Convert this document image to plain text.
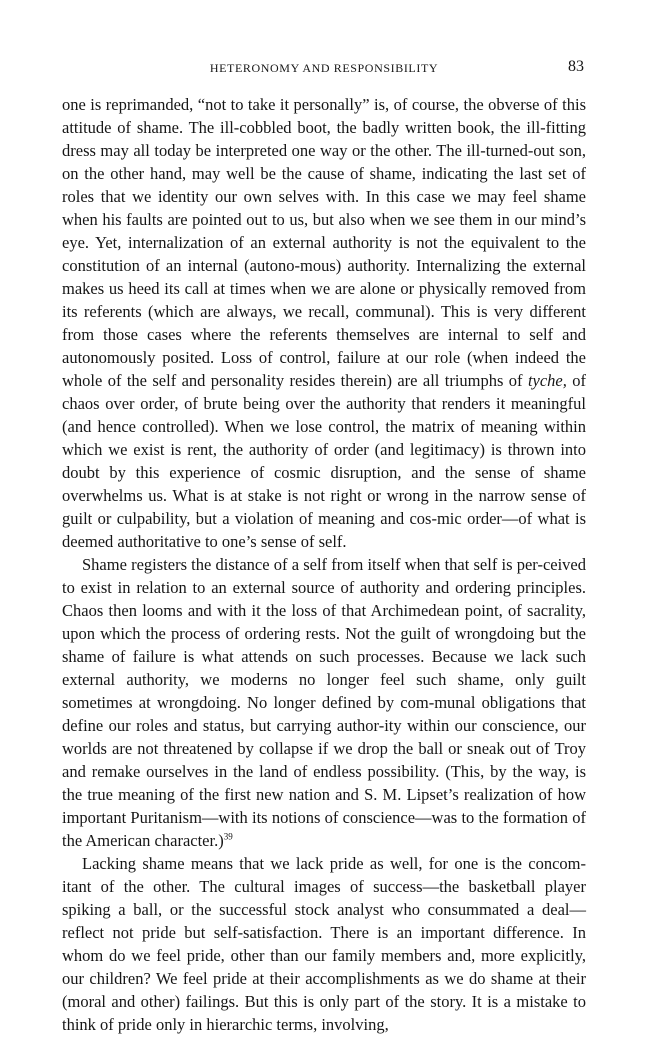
HETERONOMY AND RESPONSIBILITY	83

one is reprimanded, “not to take it personally” is, of course, the obverse of this attitude of shame. The ill-cobbled boot, the badly written book, the ill-fitting dress may all today be interpreted one way or the other. The ill-turned-out son, on the other hand, may well be the cause of shame, indicating the last set of roles that we identity our own selves with. In this case we may feel shame when his faults are pointed out to us, but also when we see them in our mind’s eye. Yet, internalization of an external authority is not the equivalent to the constitution of an internal (autono-mous) authority. Internalizing the external makes us heed its call at times when we are alone or physically removed from its referents (which are always, we recall, communal). This is very different from those cases where the referents themselves are internal to self and autonomously posited. Loss of control, failure at our role (when indeed the whole of the self and personality resides therein) are all triumphs of tyche, of chaos over order, of brute being over the authority that renders it meaningful (and hence controlled). When we lose control, the matrix of meaning within which we exist is rent, the authority of order (and legitimacy) is thrown into doubt by this experience of cosmic disruption, and the sense of shame overwhelms us. What is at stake is not right or wrong in the narrow sense of guilt or culpability, but a violation of meaning and cos-mic order—of what is deemed authoritative to one’s sense of self.

Shame registers the distance of a self from itself when that self is per-ceived to exist in relation to an external source of authority and ordering principles. Chaos then looms and with it the loss of that Archimedean point, of sacrality, upon which the process of ordering rests. Not the guilt of wrongdoing but the shame of failure is what attends on such processes. Because we lack such external authority, we moderns no longer feel such shame, only guilt sometimes at wrongdoing. No longer defined by com-munal obligations that define our roles and status, but carrying author-ity within our conscience, our worlds are not threatened by collapse if we drop the ball or sneak out of Troy and remake ourselves in the land of endless possibility. (This, by the way, is the true meaning of the first new nation and S. M. Lipset’s realization of how important Puritanism—with its notions of conscience—was to the formation of the American character.)$^{39}$

Lacking shame means that we lack pride as well, for one is the concom-itant of the other. The cultural images of success—the basketball player spiking a ball, or the successful stock analyst who consummated a deal—reflect not pride but self-satisfaction. There is an important difference. In whom do we feel pride, other than our family members and, more explicitly, our children? We feel pride at their accomplishments as we do shame at their (moral and other) failings. But this is only part of the story. It is a mistake to think of pride only in hierarchic terms, involving,
